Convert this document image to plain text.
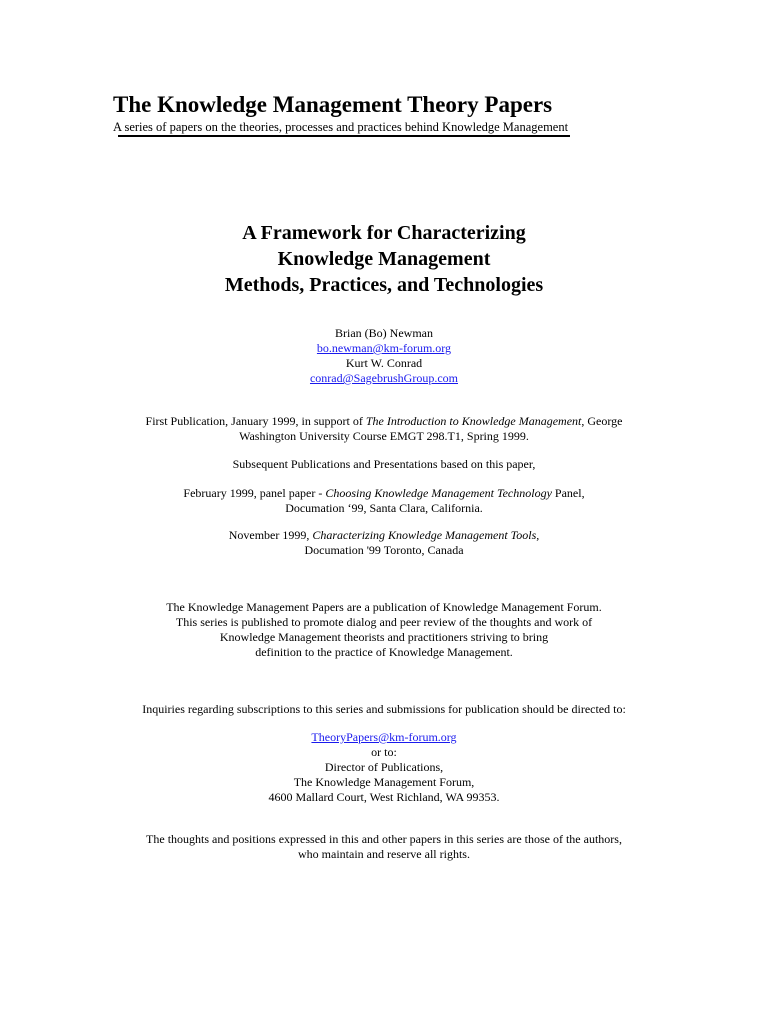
The Knowledge Management Theory Papers
A series of papers on the theories, processes and practices behind Knowledge Management
A Framework for Characterizing
Knowledge Management
Methods, Practices, and Technologies
Brian (Bo) Newman
bo.newman@km-forum.org
Kurt W. Conrad
conrad@SagebrushGroup.com
First Publication, January 1999, in support of The Introduction to Knowledge Management, George
Washington University Course EMGT 298.T1, Spring 1999.
Subsequent Publications and Presentations based on this paper,
February 1999, panel paper - Choosing Knowledge Management Technology Panel,
Documation ‘99, Santa Clara, California.
November 1999, Characterizing Knowledge Management Tools,
Documation '99 Toronto, Canada
The Knowledge Management Papers are a publication of Knowledge Management Forum.
This series is published to promote dialog and peer review of the thoughts and work of
Knowledge Management theorists and practitioners striving to bring
definition to the practice of Knowledge Management.
Inquiries regarding subscriptions to this series and submissions for publication should be directed to:
TheoryPapers@km-forum.org
or to:
Director of Publications,
The Knowledge Management Forum,
4600 Mallard Court, West Richland, WA 99353.
The thoughts and positions expressed in this and other papers in this series are those of the authors,
who maintain and reserve all rights.
